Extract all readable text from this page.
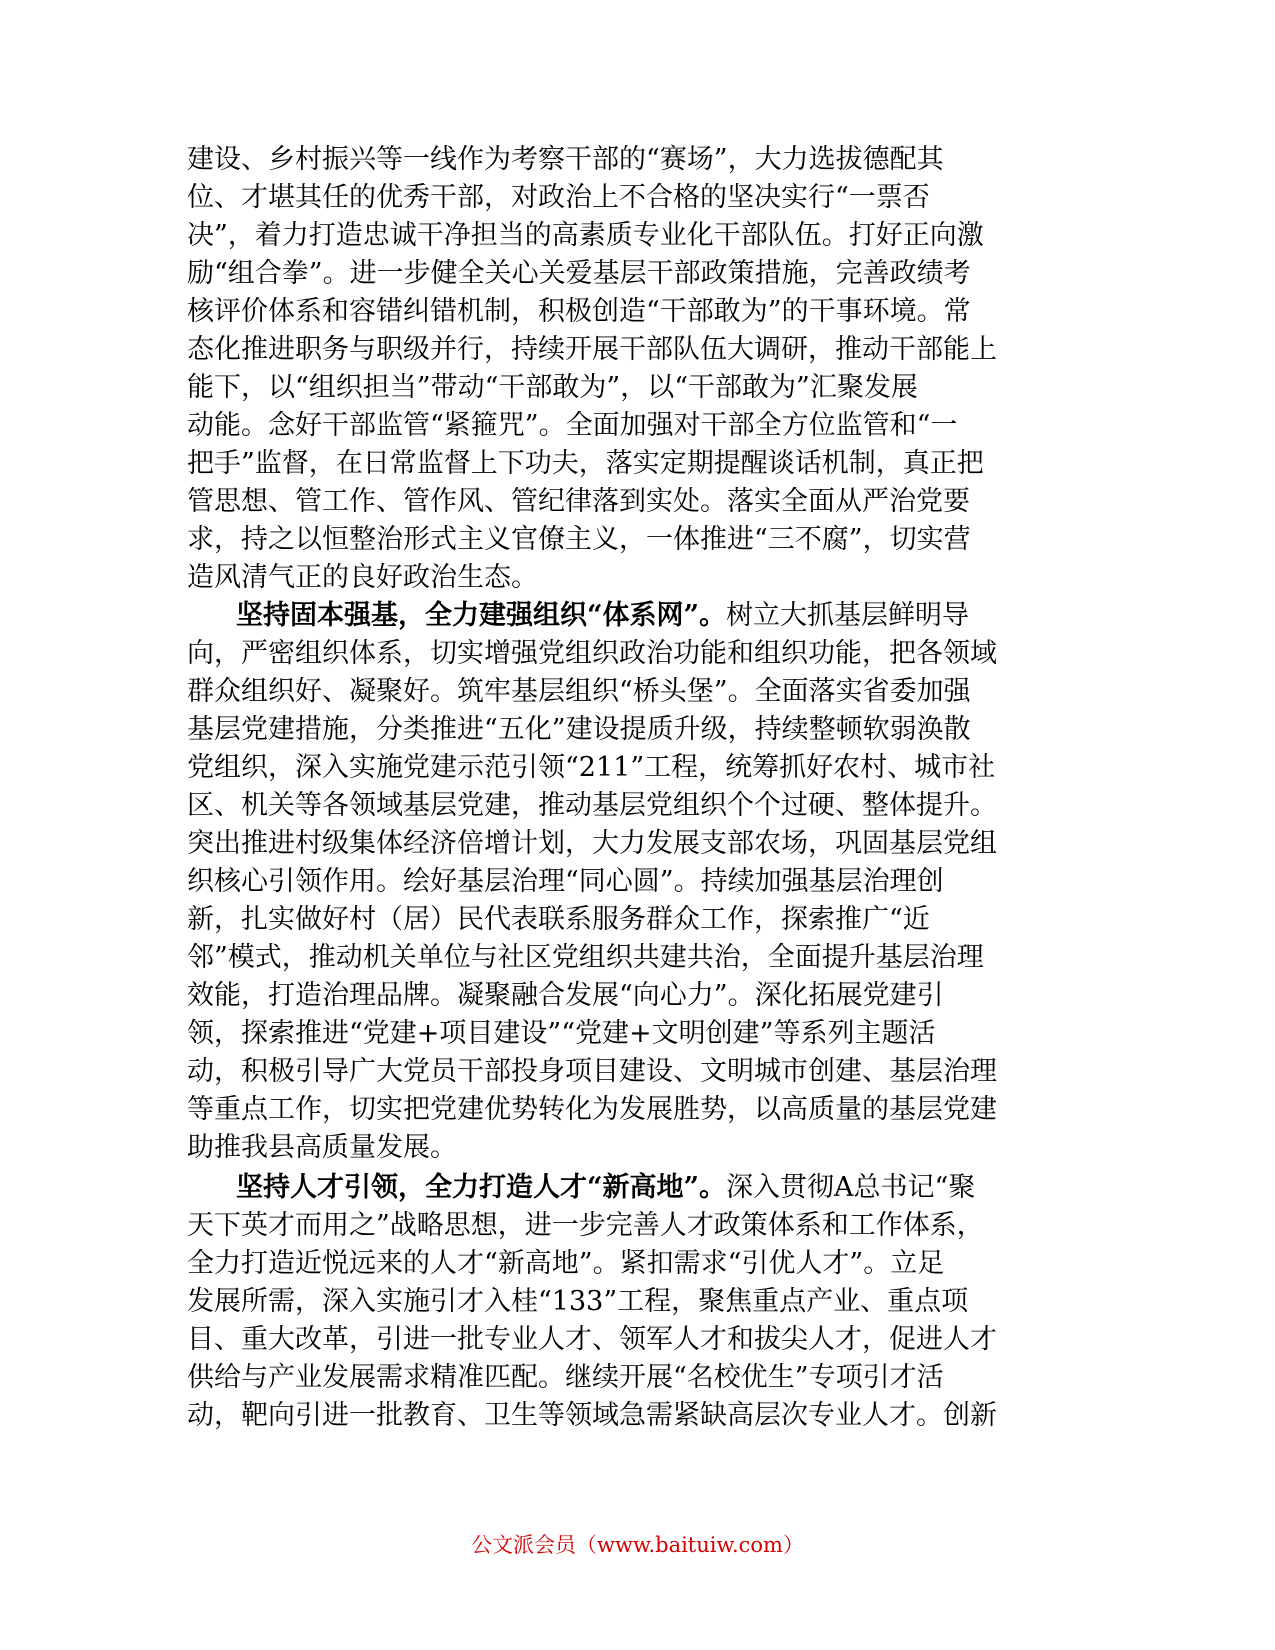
建设、乡村振兴等一线作为考察干部的“赛场”，大力选拔德配其
位、才堪其任的优秀干部，对政治上不合格的坚决实行“一票否
决”，着力打造忠诚干净担当的高素质专业化干部队伍。打好正向激
励“组合拳”。进一步健全关心关爱基层干部政策措施，完善政绩考
核评价体系和容错纠错机制，积极创造“干部敢为”的干事环境。常
态化推进职务与职级并行，持续开展干部队伍大调研，推动干部能上
能下，以“组织担当”带动“干部敢为”，以“干部敢为”汇聚发展
动能。念好干部监管“紧箍咒”。全面加强对干部全方位监管和“一
把手”监督，在日常监督上下功夫，落实定期提醒谈话机制，真正把
管思想、管工作、管作风、管纪律落到实处。落实全面从严治党要
求，持之以恒整治形式主义官僚主义，一体推进“三不腐”，切实营
造风清气正的良好政治生态。
坚持固本强基，全力建强组织“体系网”。树立大抓基层鲜明导
向，严密组织体系，切实增强党组织政治功能和组织功能，把各领域
群众组织好、凝聚好。筑牢基层组织“桥头堡”。全面落实省委加强
基层党建措施，分类推进“五化”建设提质升级，持续整顿软弱涣散
党组织，深入实施党建示范引领“211”工程，统筹抓好农村、城市社
区、机关等各领域基层党建，推动基层党组织个个过硬、整体提升。
突出推进村级集体经济倍增计划，大力发展支部农场，巩固基层党组
织核心引领作用。绘好基层治理“同心圆”。持续加强基层治理创
新，扎实做好村（居）民代表联系服务群众工作，探索推广“近
邻”模式，推动机关单位与社区党组织共建共治，全面提升基层治理
效能，打造治理品牌。凝聚融合发展“向心力”。深化拓展党建引
领，探索推进“党建+项目建设”“党建+文明创建”等系列主题活
动，积极引导广大党员干部投身项目建设、文明城市创建、基层治理
等重点工作，切实把党建优势转化为发展胜势，以高质量的基层党建
助推我县高质量发展。
坚持人才引领，全力打造人才“新高地”。深入贯彻A总书记“聚
天下英才而用之”战略思想，进一步完善人才政策体系和工作体系，
全力打造近悦远来的人才“新高地”。紧扣需求“引优人才”。立足
发展所需，深入实施引才入桂“133”工程，聚焦重点产业、重点项
目、重大改革，引进一批专业人才、领军人才和拔尖人才，促进人才
供给与产业发展需求精准匹配。继续开展“名校优生”专项引才活
动，靶向引进一批教育、卫生等领域急需紧缺高层次专业人才。创新
公文派会员（www.baituiw.com）
